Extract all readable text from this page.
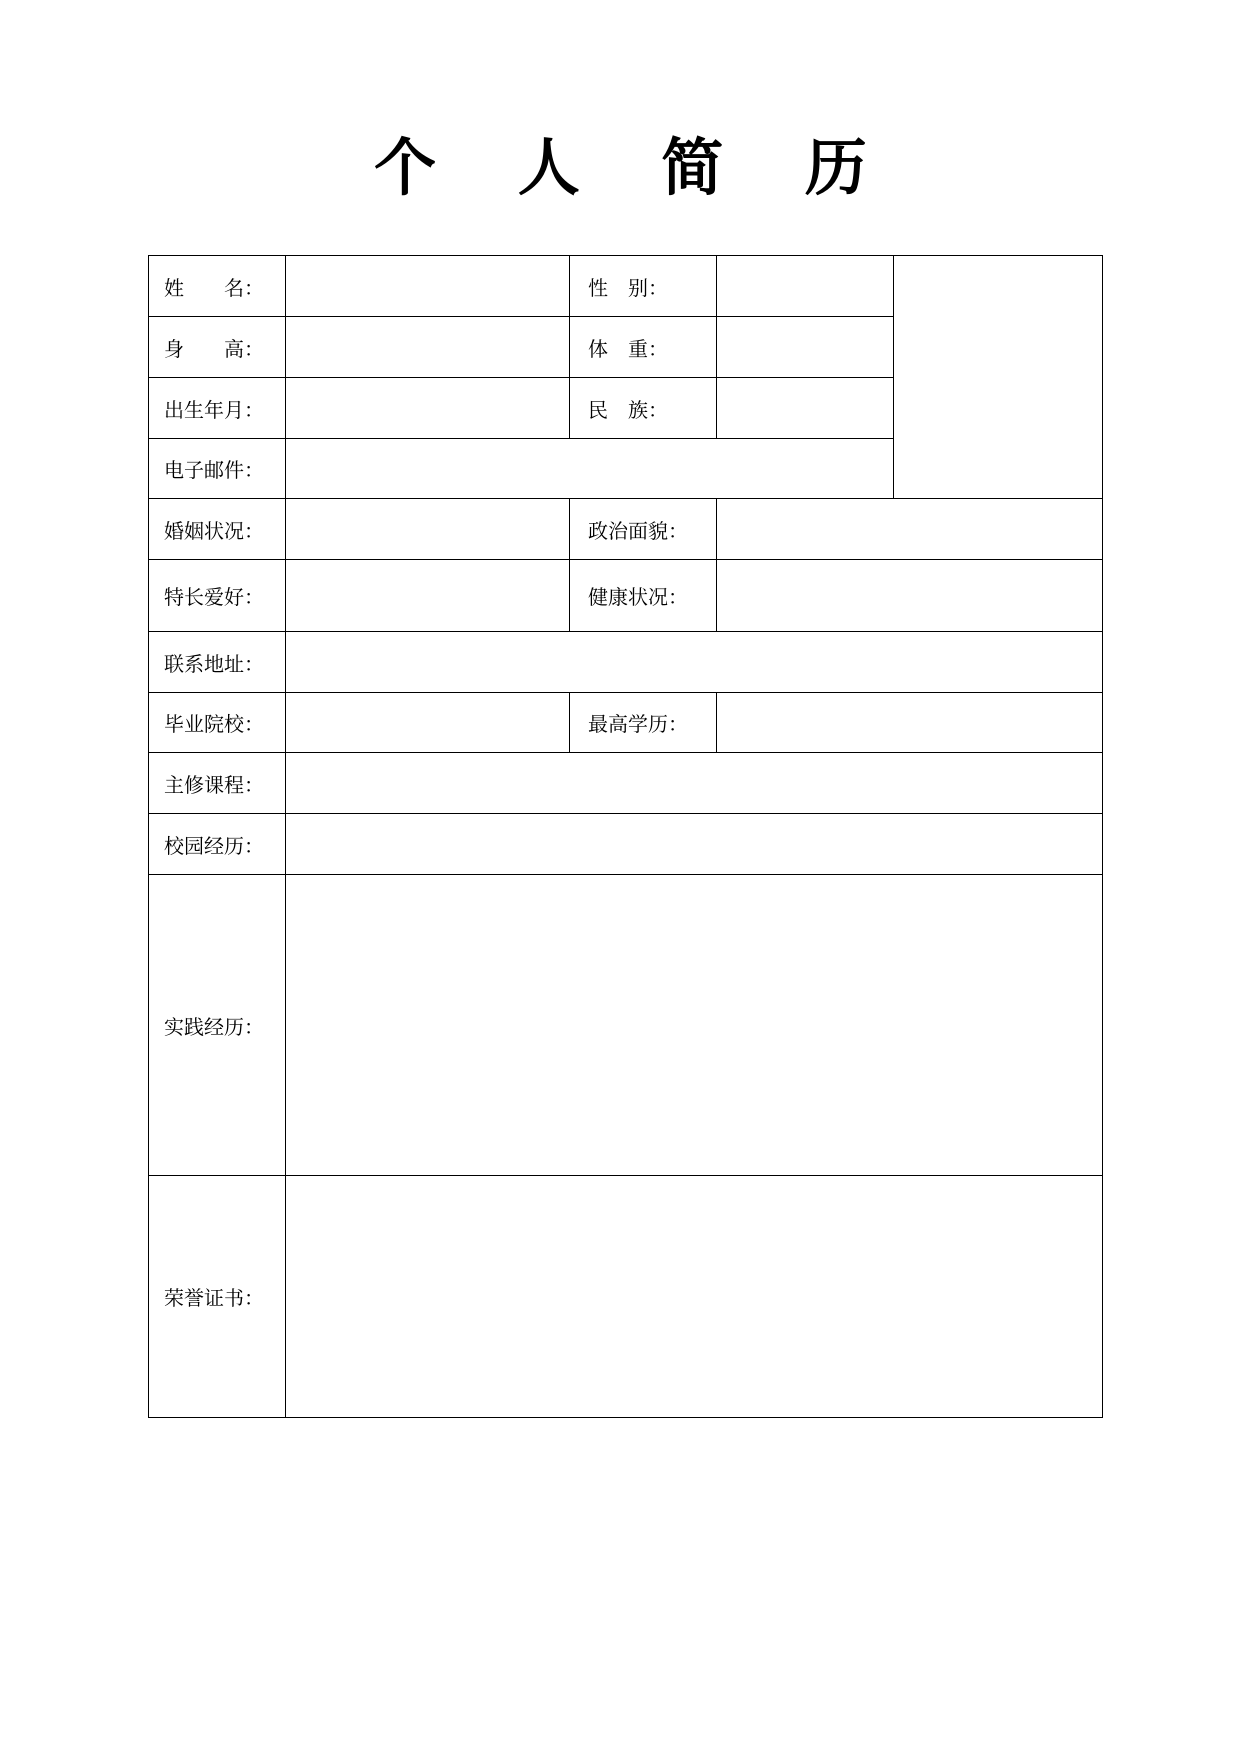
个 人 简 历
姓　　名：		性　别：		
身　　高：		体　重：		
出生年月：		民　族：		
电子邮件：				
婚姻状况：		政治面貌：		
特长爱好：		健康状况：		
联系地址：				
毕业院校：		最高学历：		
主修课程：				
校园经历：				
实践经历：				
荣誉证书：				
